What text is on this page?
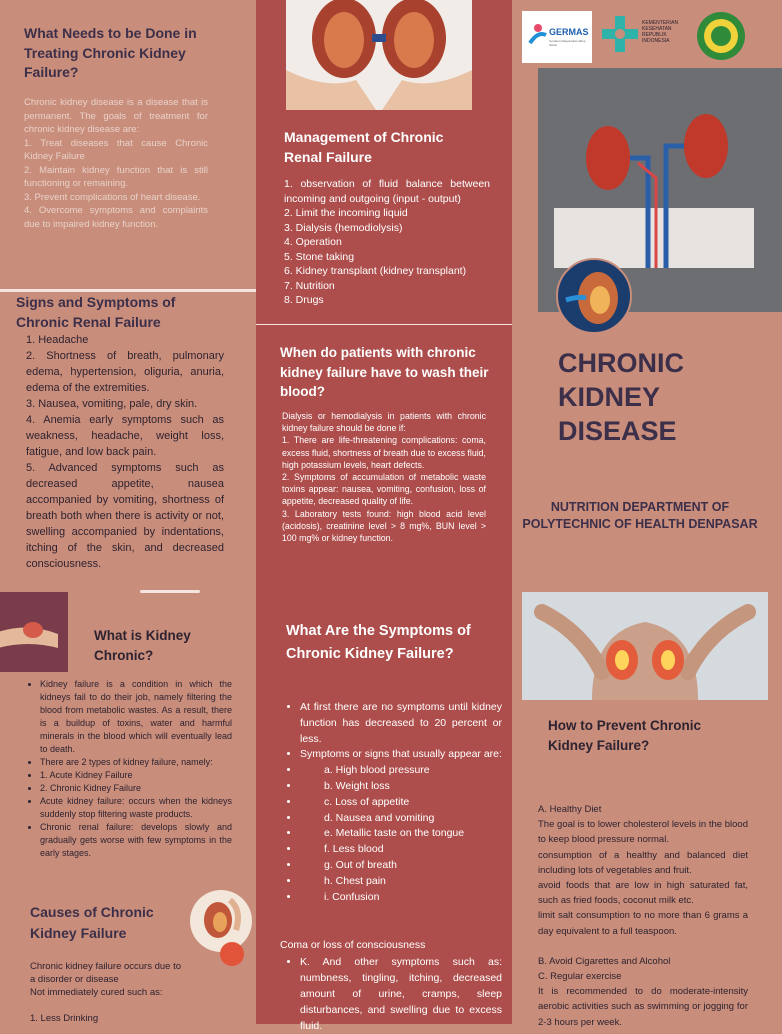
What Needs to be Done in Treating Chronic Kidney Failure?
Chronic kidney disease is a disease that is permanent. The goals of treatment for chronic kidney disease are:
1. Treat diseases that cause Chronic Kidney Failure
2. Maintain kidney function that is still functioning or remaining.
3. Prevent complications of heart disease.
4. Overcome symptoms and complaints due to impaired kidney function.
Management of Chronic Renal Failure
1. observation of fluid balance between incoming and outgoing (input - output)
2. Limit the incoming liquid
3. Dialysis (hemodiolysis)
4. Operation
5. Stone taking
6. Kidney transplant (kidney transplant)
7. Nutrition
8. Drugs
GERMAS
Gerakan Masyarakat Hidup Sehat
KEMENTERIAN KESEHATAN REPUBLIK INDONESIA
CHRONIC
KIDNEY
DISEASE
NUTRITION DEPARTMENT OF
POLYTECHNIC OF HEALTH DENPASAR
Signs and Symptoms of Chronic Renal Failure
1. Headache
2. Shortness of breath, pulmonary edema, hypertension, oliguria, anuria, edema of the extremities.
3. Nausea, vomiting, pale, dry skin.
4. Anemia early symptoms such as weakness, headache, weight loss, fatigue, and low back pain.
5. Advanced symptoms such as decreased appetite, nausea accompanied by vomiting, shortness of breath both when there is activity or not, swelling accompanied by indentations, itching of the skin, and decreased consciousness.
When do patients with chronic kidney failure have to wash their blood?
Dialysis or hemodialysis in patients with chronic kidney failure should be done if:
1. There are life-threatening complications: coma, excess fluid, shortness of breath due to excess fluid, high potassium levels, heart defects.
2. Symptoms of accumulation of metabolic waste toxins appear: nausea, vomiting, confusion, loss of appetite, decreased quality of life.
3. Laboratory tests found: high blood acid level (acidosis), creatinine level > 8 mg%, BUN level > 100 mg% or kidney function.
What is Kidney Chronic?
• Kidney failure is a condition in which the kidneys fail to do their job, namely filtering the blood from metabolic wastes. As a result, there is a buildup of toxins, water and harmful minerals in the blood which will eventually lead to death.
• There are 2 types of kidney failure, namely:
• 1. Acute Kidney Failure
• 2. Chronic Kidney Failure
• Acute kidney failure: occurs when the kidneys suddenly stop filtering waste products.
• Chronic renal failure: develops slowly and gradually gets worse with few symptoms in the early stages.
Causes of Chronic Kidney Failure
Chronic kidney failure occurs due to
a disorder or disease
Not immediately cured such as:
1. Less Drinking
What Are the Symptoms of Chronic Kidney Failure?
• At first there are no symptoms until kidney function has decreased to 20 percent or less.
• Symptoms or signs that usually appear are:
• a. High blood pressure
• b. Weight loss
• c. Loss of appetite
• d. Nausea and vomiting
• e. Metallic taste on the tongue
• f. Less blood
• g. Out of breath
• h. Chest pain
• i. Confusion
Coma or loss of consciousness
• K. And other symptoms such as: numbness, tingling, itching, decreased amount of urine, cramps, sleep disturbances, and swelling due to excess fluid.
How to Prevent Chronic Kidney Failure?
A. Healthy Diet
The goal is to lower cholesterol levels in the blood to keep blood pressure normal.
consumption of a healthy and balanced diet including lots of vegetables and fruit.
avoid foods that are low in high saturated fat, such as fried foods, coconut milk etc.
limit salt consumption to no more than 6 grams a day equivalent to a full teaspoon.
B. Avoid Cigarettes and Alcohol
C. Regular exercise
It is recommended to do moderate-intensity aerobic activities such as swimming or jogging for 2-3 hours per week.
